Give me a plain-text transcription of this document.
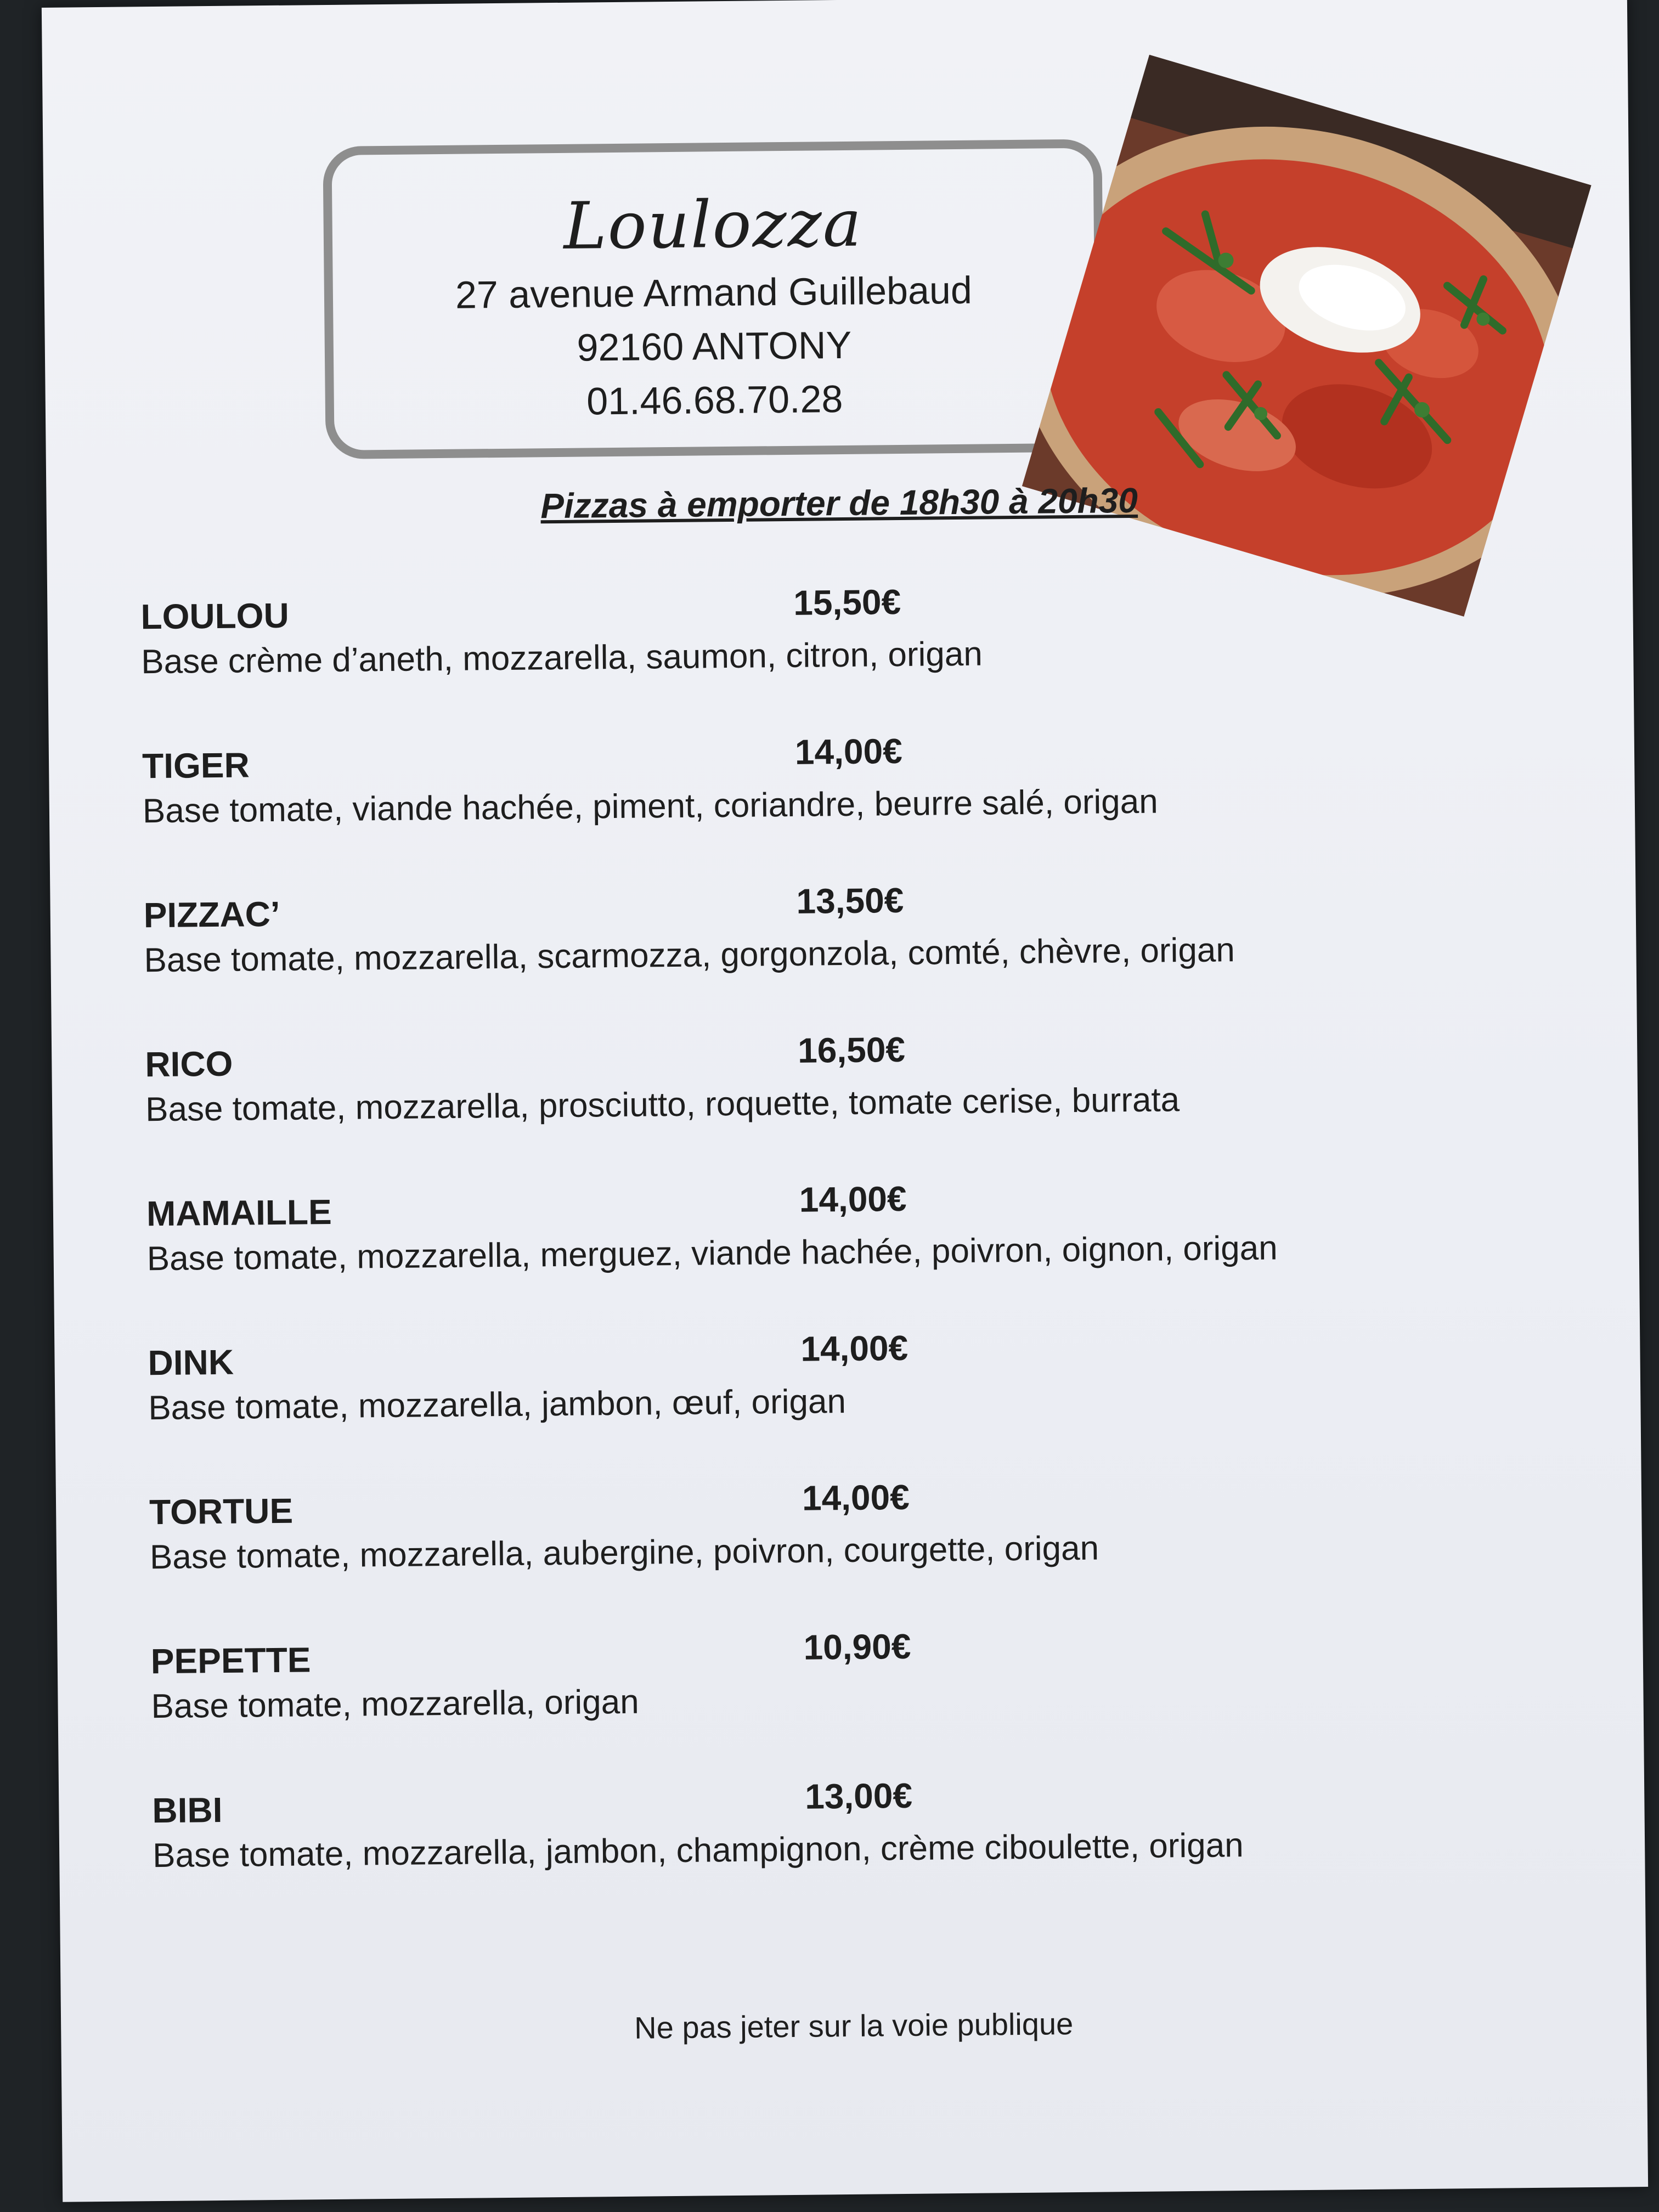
Loulozza
27 avenue Armand Guillebaud
92160 ANTONY
01.46.68.70.28
Pizzas à emporter de 18h30 à 20h30
LOULOU	15,50€
Base crème d’aneth, mozzarella, saumon, citron, origan
TIGER	14,00€
Base tomate, viande hachée, piment, coriandre, beurre salé, origan
PIZZAC’	13,50€
Base tomate, mozzarella, scarmozza, gorgonzola, comté, chèvre, origan
RICO	16,50€
Base tomate, mozzarella, prosciutto, roquette, tomate cerise, burrata
MAMAILLE	14,00€
Base tomate, mozzarella, merguez, viande hachée, poivron, oignon, origan
DINK	14,00€
Base tomate, mozzarella, jambon, œuf, origan
TORTUE	14,00€
Base tomate, mozzarella, aubergine, poivron, courgette, origan
PEPETTE	10,90€
Base tomate, mozzarella, origan
BIBI	13,00€
Base tomate, mozzarella, jambon, champignon, crème ciboulette, origan
Ne pas jeter sur la voie publique
